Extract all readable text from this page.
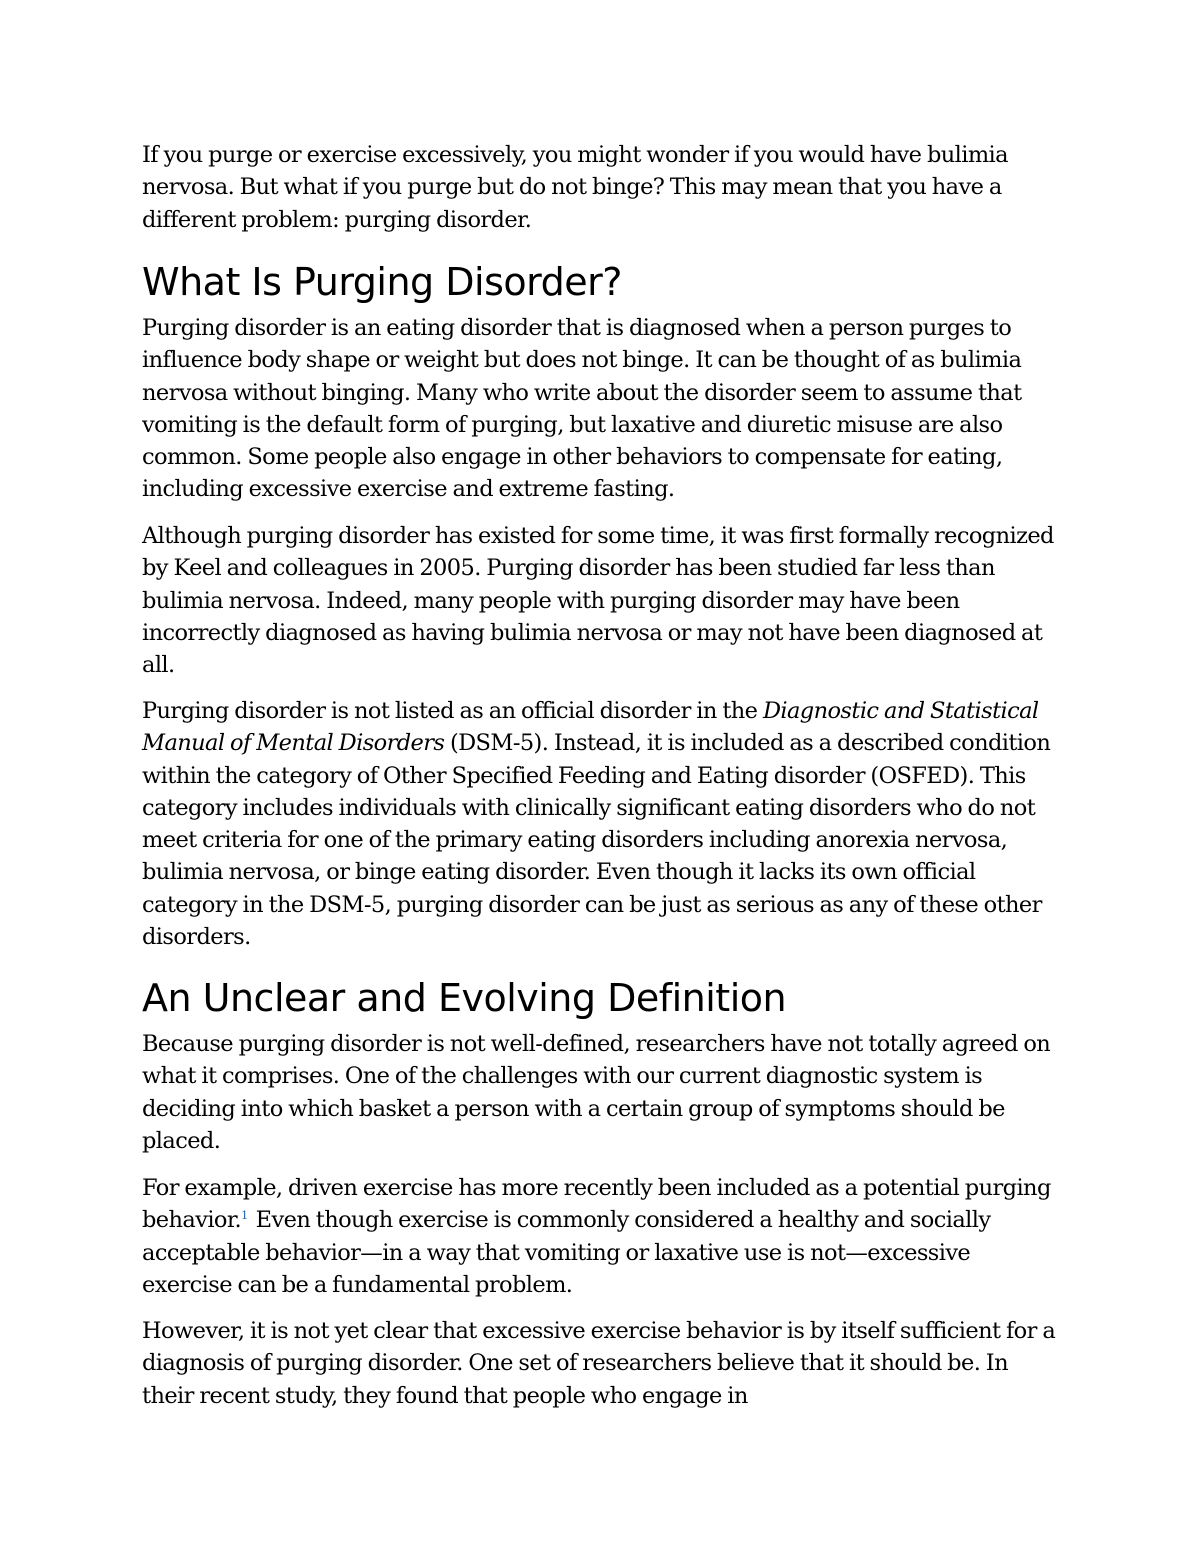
If you purge or exercise excessively, you might wonder if you would have bulimia nervosa. But what if you purge but do not binge? This may mean that you have a different problem: purging disorder.

What Is Purging Disorder?

Purging disorder is an eating disorder that is diagnosed when a person purges to influence body shape or weight but does not binge. It can be thought of as bulimia nervosa without binging. Many who write about the disorder seem to assume that vomiting is the default form of purging, but laxative and diuretic misuse are also common. Some people also engage in other behaviors to compensate for eating, including excessive exercise and extreme fasting.

Although purging disorder has existed for some time, it was first formally recognized by Keel and colleagues in 2005. Purging disorder has been studied far less than bulimia nervosa. Indeed, many people with purging disorder may have been incorrectly diagnosed as having bulimia nervosa or may not have been diagnosed at all.

Purging disorder is not listed as an official disorder in the Diagnostic and Statistical Manual of Mental Disorders (DSM-5). Instead, it is included as a described condition within the category of Other Specified Feeding and Eating disorder (OSFED). This category includes individuals with clinically significant eating disorders who do not meet criteria for one of the primary eating disorders including anorexia nervosa, bulimia nervosa, or binge eating disorder. Even though it lacks its own official category in the DSM-5, purging disorder can be just as serious as any of these other disorders.

An Unclear and Evolving Definition

Because purging disorder is not well-defined, researchers have not totally agreed on what it comprises. One of the challenges with our current diagnostic system is deciding into which basket a person with a certain group of symptoms should be placed.

For example, driven exercise has more recently been included as a potential purging behavior.$^1$ Even though exercise is commonly considered a healthy and socially acceptable behavior—in a way that vomiting or laxative use is not—excessive exercise can be a fundamental problem.

However, it is not yet clear that excessive exercise behavior is by itself sufficient for a diagnosis of purging disorder. One set of researchers believe that it should be. In their recent study, they found that people who engage in
